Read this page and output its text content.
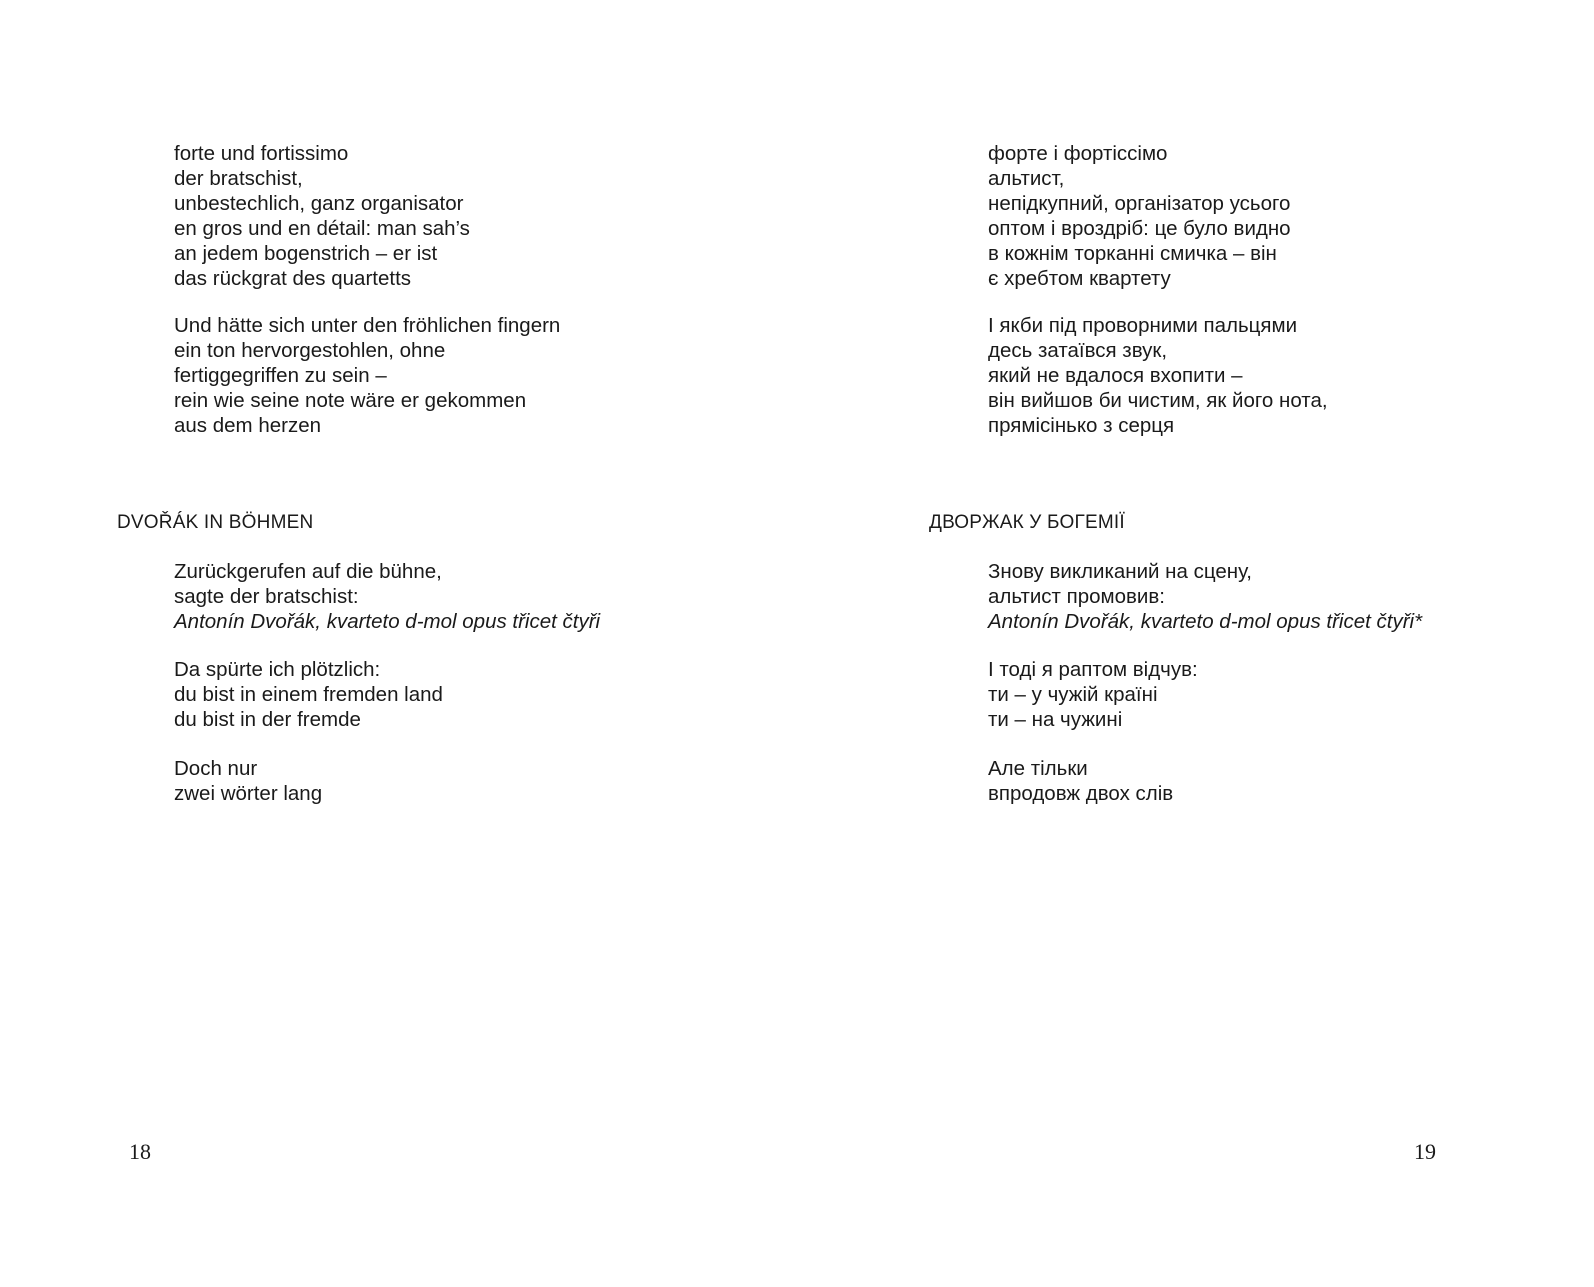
forte und fortissimo
der bratschist,
unbestechlich, ganz organisator
en gros und en détail: man sah’s
an jedem bogenstrich – er ist
das rückgrat des quartetts
Und hätte sich unter den fröhlichen fingern
ein ton hervorgestohlen, ohne
fertiggegriffen zu sein –
rein wie seine note wäre er gekommen
aus dem herzen
DVOŘÁK IN BÖHMEN
Zurückgerufen auf die bühne,
sagte der bratschist:
Antonín Dvořák, kvarteto d-mol opus třicet čtyři
Da spürte ich plötzlich:
du bist in einem fremden land
du bist in der fremde
Doch nur
zwei wörter lang
18
форте і фортіссімо
альтист,
непідкупний, організатор усього
оптом і вроздріб: це було видно
в кожнім торканні смичка – він
є хребтом квартету
І якби під проворними пальцями
десь затаївся звук,
який не вдалося вхопити –
він вийшов би чистим, як його нота,
прямісінько з серця
ДВОРЖАК У БОГЕМІЇ
Знову викликаний на сцену,
альтист промовив:
Antonín Dvořák, kvarteto d-mol opus třicet čtyři*
І тоді я раптом відчув:
ти – у чужій країні
ти – на чужині
Але тільки
впродовж двох слів
19
